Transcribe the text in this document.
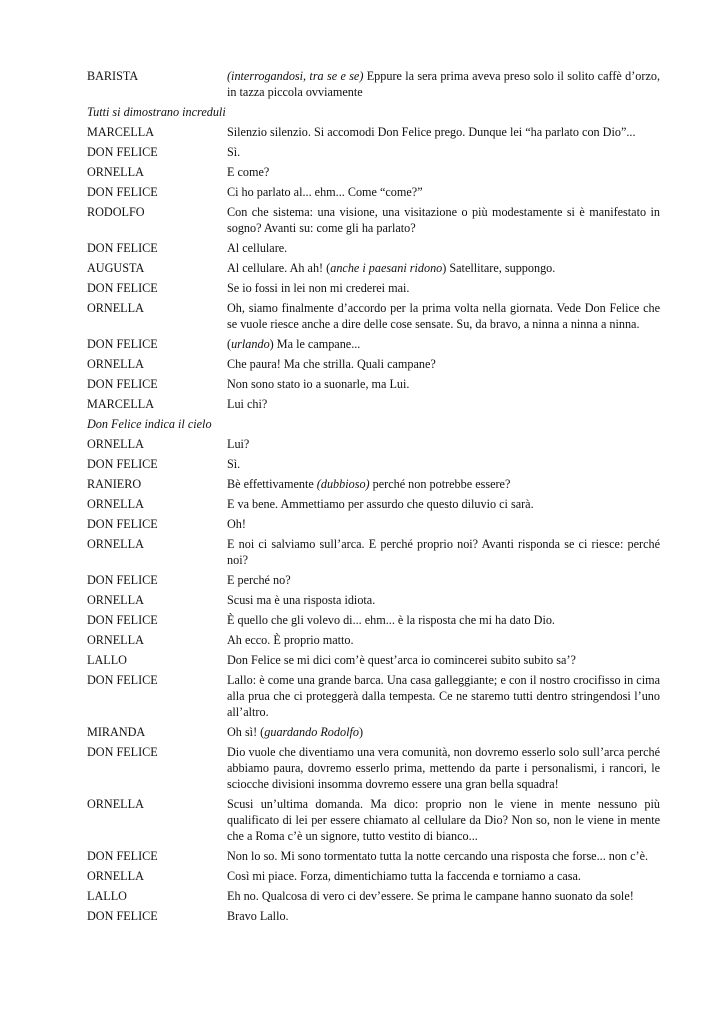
BARISTA	(interrogandosi, tra se e se) Eppure la sera prima aveva preso solo il solito caffè d’orzo, in tazza piccola ovviamente
Tutti si dimostrano increduli
MARCELLA	Silenzio silenzio. Si accomodi Don Felice prego. Dunque lei “ha parlato con Dio”...
DON FELICE	Sì.
ORNELLA	E come?
DON FELICE	Ci ho parlato al... ehm... Come “come?”
RODOLFO	Con che sistema: una visione, una visitazione o più modestamente si è manifestato in sogno? Avanti su: come gli ha parlato?
DON FELICE	Al cellulare.
AUGUSTA	Al cellulare. Ah ah! (anche i paesani ridono) Satellitare, suppongo.
DON FELICE	Se io fossi in lei non mi crederei mai.
ORNELLA	Oh, siamo finalmente d’accordo per la prima volta nella giornata. Vede Don Felice che se vuole riesce anche a dire delle cose sensate. Su, da bravo, a ninna a ninna a ninna.
DON FELICE	(urlando) Ma le campane...
ORNELLA	Che paura! Ma che strilla. Quali campane?
DON FELICE	Non sono stato io a suonarle, ma Lui.
MARCELLA	Lui chi?
Don Felice indica il cielo
ORNELLA	Lui?
DON FELICE	Sì.
RANIERO	Bè effettivamente (dubbioso) perché non potrebbe essere?
ORNELLA	E va bene. Ammettiamo per assurdo che questo diluvio ci sarà.
DON FELICE	Oh!
ORNELLA	E noi ci salviamo sull’arca. E perché proprio noi? Avanti risponda se ci riesce: perché noi?
DON FELICE	E perché no?
ORNELLA	Scusi ma è una risposta idiota.
DON FELICE	È quello che gli volevo di... ehm... è la risposta che mi ha dato Dio.
ORNELLA	Ah ecco. È proprio matto.
LALLO	Don Felice se mi dici com’è quest’arca io comincerei subito subito sa’?
DON FELICE	Lallo: è come una grande barca. Una casa galleggiante; e con il nostro crocifisso in cima alla prua che ci proteggerà dalla tempesta. Ce ne staremo tutti dentro stringendosi l’uno all’altro.
MIRANDA	Oh sì! (guardando Rodolfo)
DON FELICE	Dio vuole che diventiamo una vera comunità, non dovremo esserlo solo sull’arca perché abbiamo paura, dovremo esserlo prima, mettendo da parte i personalismi, i rancori, le sciocche divisioni insomma dovremo essere una gran bella squadra!
ORNELLA	Scusi un’ultima domanda. Ma dico: proprio non le viene in mente nessuno più qualificato di lei per essere chiamato al cellulare da Dio? Non so, non le viene in mente che a Roma c’è un signore, tutto vestito di bianco...
DON FELICE	Non lo so. Mi sono tormentato tutta la notte cercando una risposta che forse... non c’è.
ORNELLA	Così mi piace. Forza, dimentichiamo tutta la faccenda e torniamo a casa.
LALLO	Eh no. Qualcosa di vero ci dev’essere. Se prima le campane hanno suonato da sole!
DON FELICE	Bravo Lallo.
